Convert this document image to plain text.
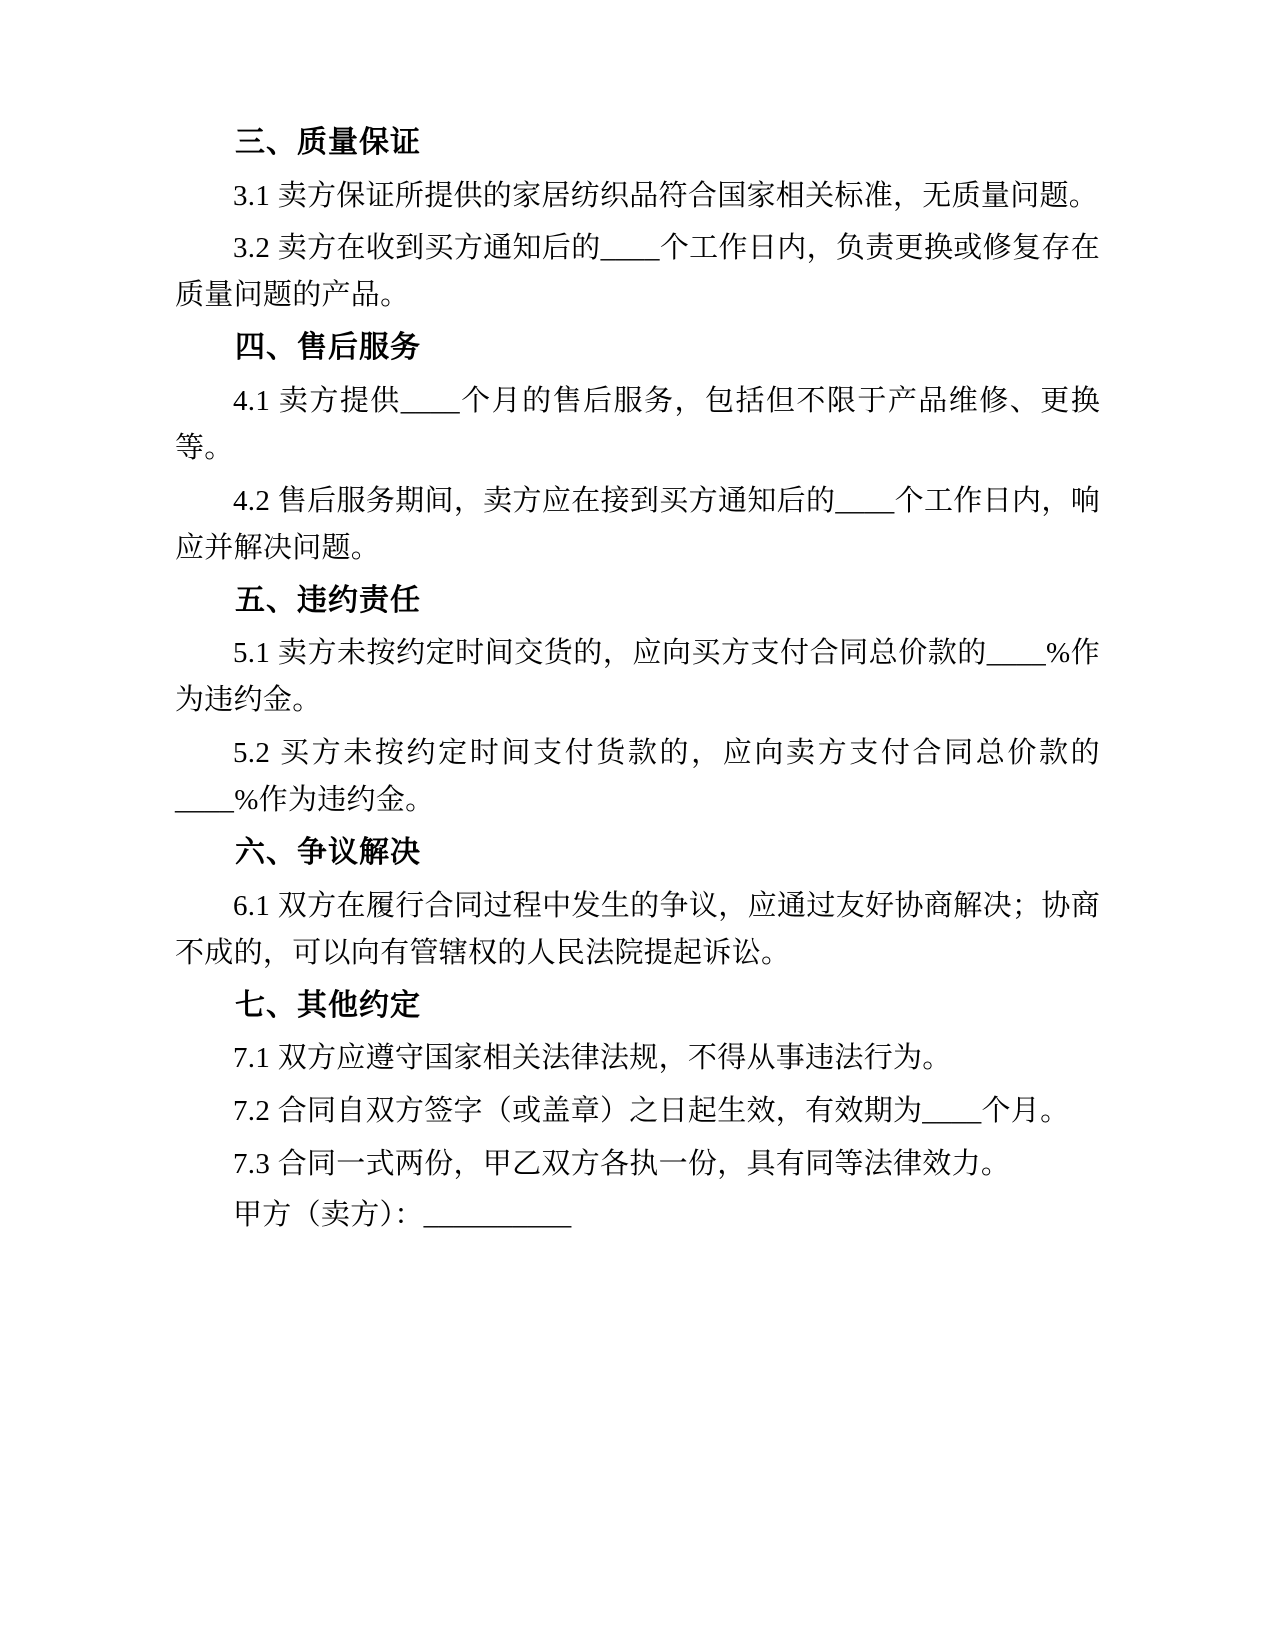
三、质量保证

3.1 卖方保证所提供的家居纺织品符合国家相关标准，无质量问题。

3.2 卖方在收到买方通知后的____个工作日内，负责更换或修复存在质量问题的产品。

四、售后服务

4.1 卖方提供____个月的售后服务，包括但不限于产品维修、更换等。

4.2 售后服务期间，卖方应在接到买方通知后的____个工作日内，响应并解决问题。

五、违约责任

5.1 卖方未按约定时间交货的，应向买方支付合同总价款的____%作为违约金。

5.2 买方未按约定时间支付货款的，应向卖方支付合同总价款的____%作为违约金。

六、争议解决

6.1 双方在履行合同过程中发生的争议，应通过友好协商解决；协商不成的，可以向有管辖权的人民法院提起诉讼。

七、其他约定

7.1 双方应遵守国家相关法律法规，不得从事违法行为。

7.2 合同自双方签字（或盖章）之日起生效，有效期为____个月。

7.3 合同一式两份，甲乙双方各执一份，具有同等法律效力。

甲方（卖方）：__________
